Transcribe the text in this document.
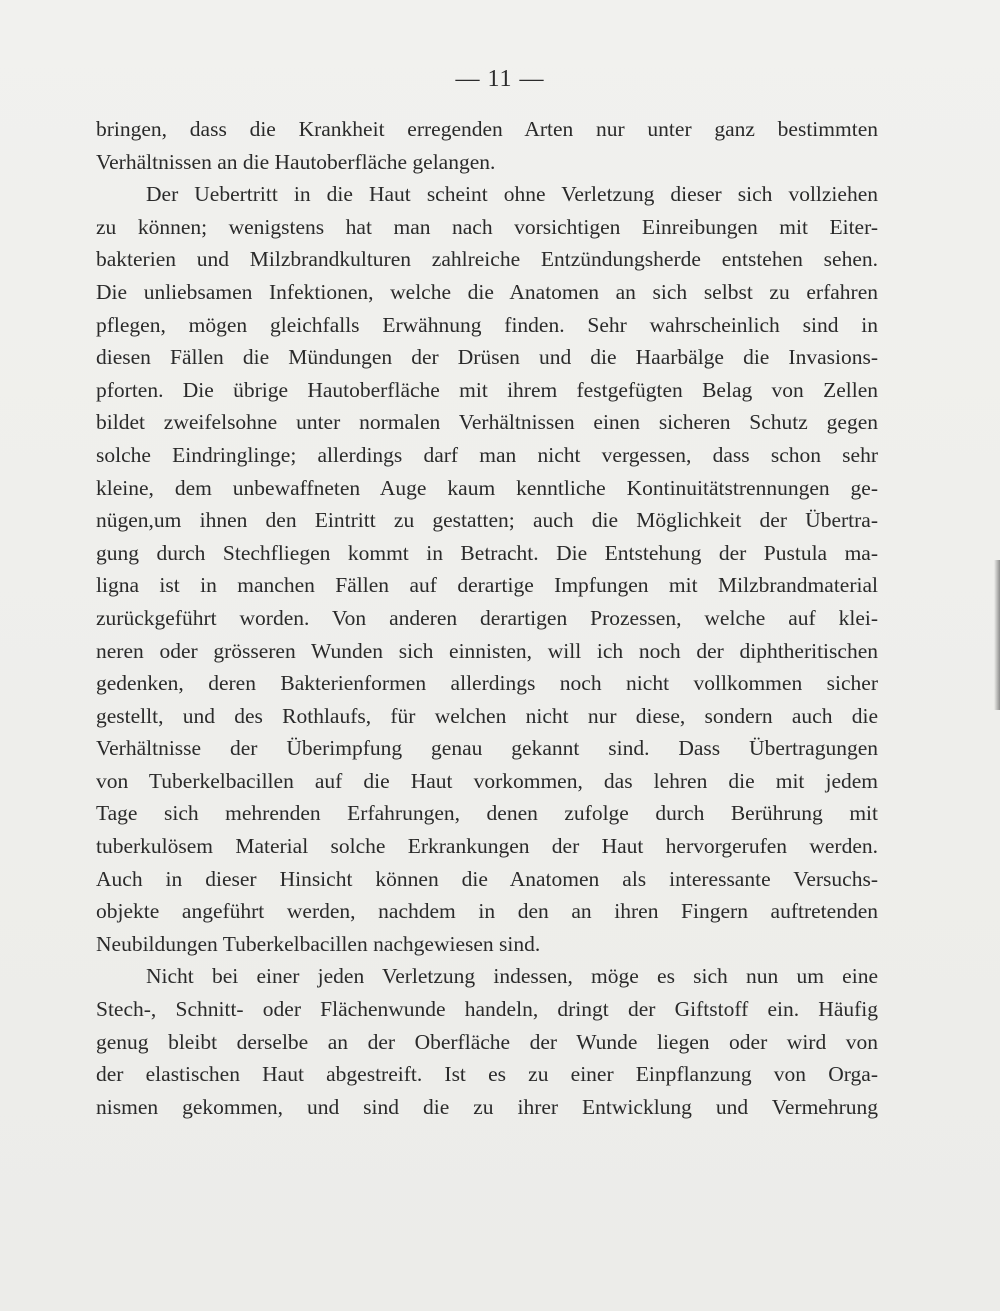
— 11 —
bringen, dass die Krankheit erregenden Arten nur unter ganz bestimmten
Verhältnissen an die Hautoberfläche gelangen.
Der Uebertritt in die Haut scheint ohne Verletzung dieser sich vollziehen
zu können; wenigstens hat man nach vorsichtigen Einreibungen mit Eiter-
bakterien und Milzbrandkulturen zahlreiche Entzündungsherde entstehen sehen.
Die unliebsamen Infektionen, welche die Anatomen an sich selbst zu erfahren
pflegen, mögen gleichfalls Erwähnung finden. Sehr wahrscheinlich sind in
diesen Fällen die Mündungen der Drüsen und die Haarbälge die Invasions-
pforten. Die übrige Hautoberfläche mit ihrem festgefügten Belag von Zellen
bildet zweifelsohne unter normalen Verhältnissen einen sicheren Schutz gegen
solche Eindringlinge; allerdings darf man nicht vergessen, dass schon sehr
kleine, dem unbewaffneten Auge kaum kenntliche Kontinuitätstrennungen ge-
nügen,um ihnen den Eintritt zu gestatten; auch die Möglichkeit der Übertra-
gung durch Stechfliegen kommt in Betracht. Die Entstehung der Pustula ma-
ligna ist in manchen Fällen auf derartige Impfungen mit Milzbrandmaterial
zurückgeführt worden. Von anderen derartigen Prozessen, welche auf klei-
neren oder grösseren Wunden sich einnisten, will ich noch der diphtheritischen
gedenken, deren Bakterienformen allerdings noch nicht vollkommen sicher
gestellt, und des Rothlaufs, für welchen nicht nur diese, sondern auch die
Verhältnisse der Überimpfung genau gekannt sind. Dass Übertragungen
von Tuberkelbacillen auf die Haut vorkommen, das lehren die mit jedem
Tage sich mehrenden Erfahrungen, denen zufolge durch Berührung mit
tuberkulösem Material solche Erkrankungen der Haut hervorgerufen werden.
Auch in dieser Hinsicht können die Anatomen als interessante Versuchs-
objekte angeführt werden, nachdem in den an ihren Fingern auftretenden
Neubildungen Tuberkelbacillen nachgewiesen sind.
Nicht bei einer jeden Verletzung indessen, möge es sich nun um eine
Stech-, Schnitt- oder Flächenwunde handeln, dringt der Giftstoff ein. Häufig
genug bleibt derselbe an der Oberfläche der Wunde liegen oder wird von
der elastischen Haut abgestreift. Ist es zu einer Einpflanzung von Orga-
nismen gekommen, und sind die zu ihrer Entwicklung und Vermehrung
